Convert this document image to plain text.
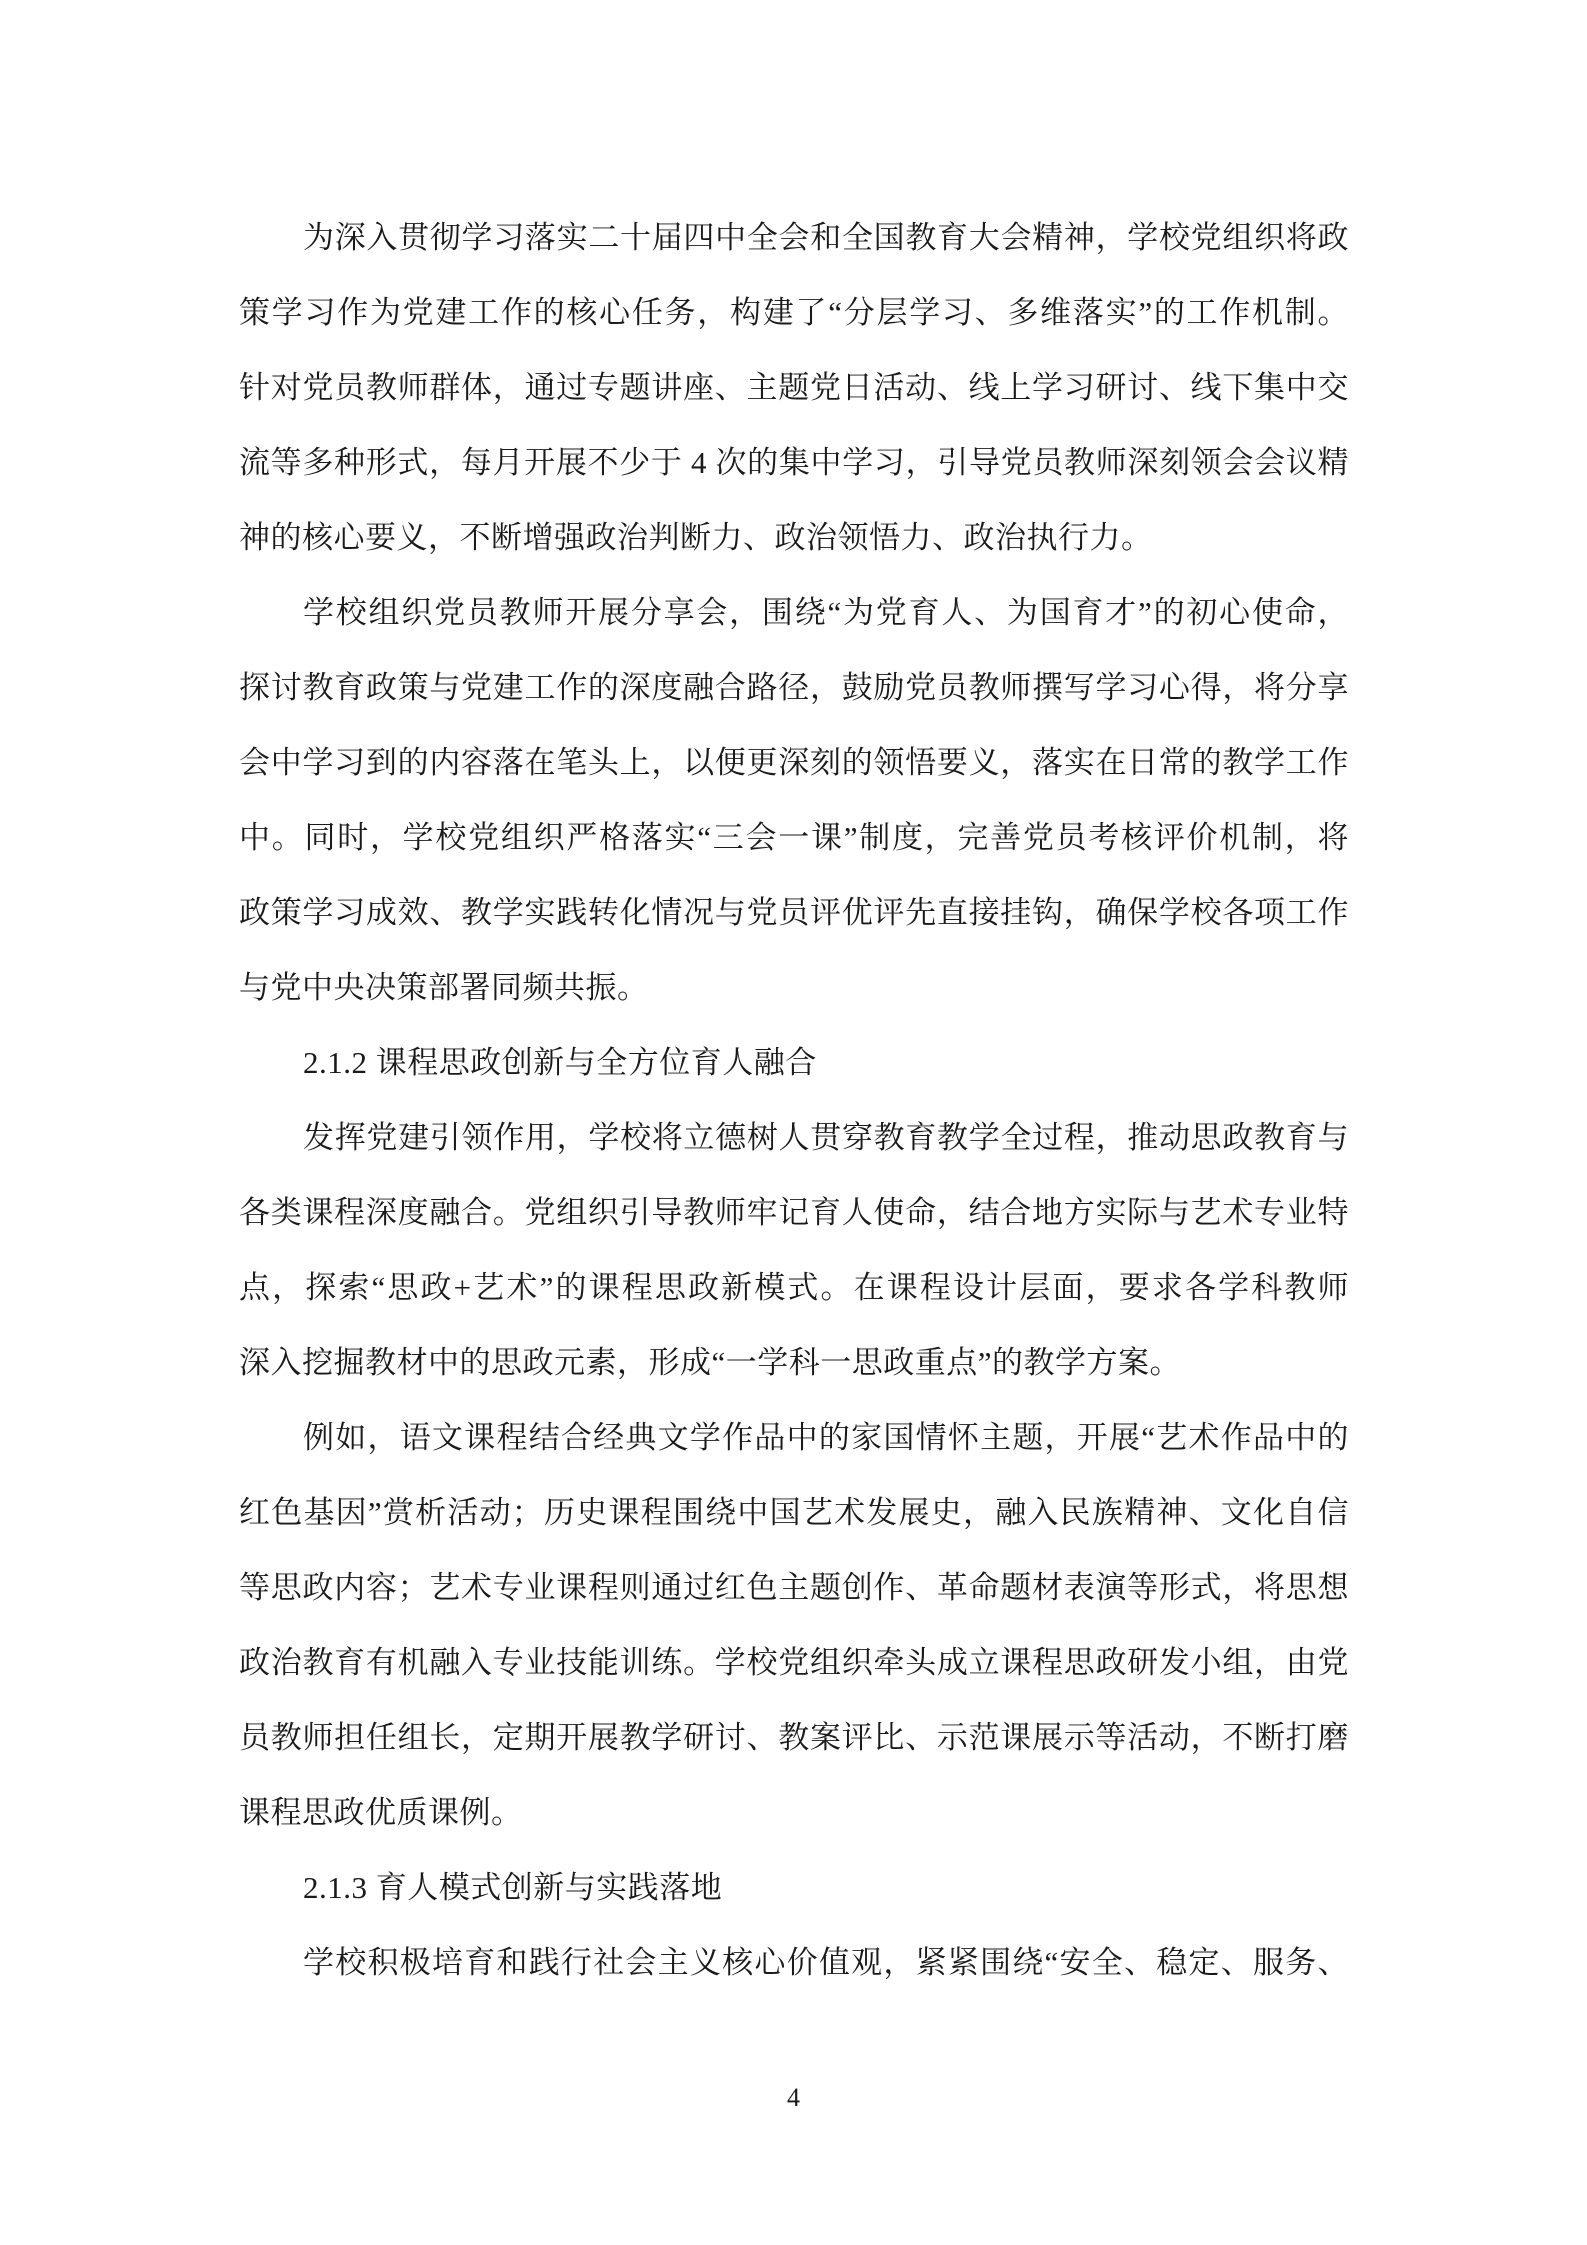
为深入贯彻学习落实二十届四中全会和全国教育大会精神，学校党组织将政
策学习作为党建工作的核心任务，构建了“分层学习、多维落实”的工作机制。
针对党员教师群体，通过专题讲座、主题党日活动、线上学习研讨、线下集中交
流等多种形式，每月开展不少于 4 次的集中学习，引导党员教师深刻领会会议精
神的核心要义，不断增强政治判断力、政治领悟力、政治执行力。
学校组织党员教师开展分享会，围绕“为党育人、为国育才”的初心使命，
探讨教育政策与党建工作的深度融合路径，鼓励党员教师撰写学习心得，将分享
会中学习到的内容落在笔头上，以便更深刻的领悟要义，落实在日常的教学工作
中。同时，学校党组织严格落实“三会一课”制度，完善党员考核评价机制，将
政策学习成效、教学实践转化情况与党员评优评先直接挂钩，确保学校各项工作
与党中央决策部署同频共振。
2.1.2 课程思政创新与全方位育人融合
发挥党建引领作用，学校将立德树人贯穿教育教学全过程，推动思政教育与
各类课程深度融合。党组织引导教师牢记育人使命，结合地方实际与艺术专业特
点，探索“思政+艺术”的课程思政新模式。在课程设计层面，要求各学科教师
深入挖掘教材中的思政元素，形成“一学科一思政重点”的教学方案。
例如，语文课程结合经典文学作品中的家国情怀主题，开展“艺术作品中的
红色基因”赏析活动；历史课程围绕中国艺术发展史，融入民族精神、文化自信
等思政内容；艺术专业课程则通过红色主题创作、革命题材表演等形式，将思想
政治教育有机融入专业技能训练。学校党组织牵头成立课程思政研发小组，由党
员教师担任组长，定期开展教学研讨、教案评比、示范课展示等活动，不断打磨
课程思政优质课例。
2.1.3 育人模式创新与实践落地
学校积极培育和践行社会主义核心价值观，紧紧围绕“安全、稳定、服务、
4
